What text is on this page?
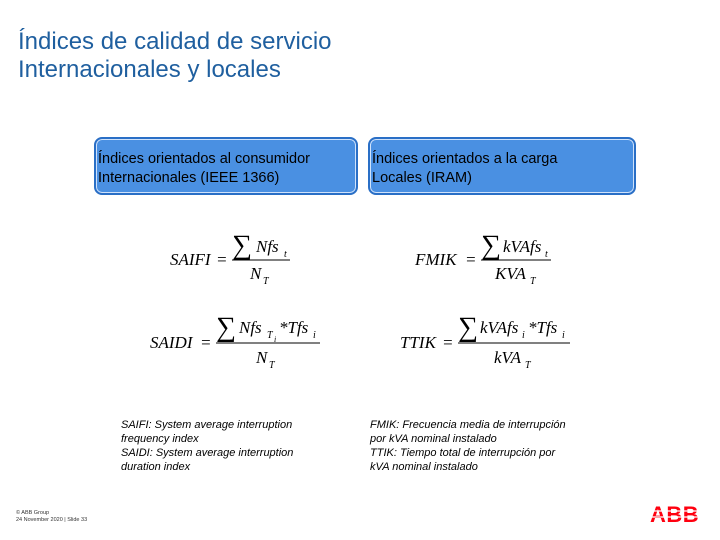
Índices de calidad de servicio
Internacionales y locales
Índices orientados al consumidor
Internacionales (IEEE 1366)
Índices orientados a la carga
Locales (IRAM)
SAIFI = ∑ Nfs t
N T
FMIK = ∑ kVAfs t
KVA T
SAIDI = ∑ Nfs T i
*Tfs i
N T
TTIK = ∑ kVAfs i *Tfs i
kVA T
SAIFI: System average interruption
frequency index
SAIDI: System average interruption
duration index
FMIK: Frecuencia media de interrupción
por kVA nominal instalado
TTIK: Tiempo total de interrupción por
kVA nominal instalado
© ABB Group
24 November 2020 | Slide 33	ABB
